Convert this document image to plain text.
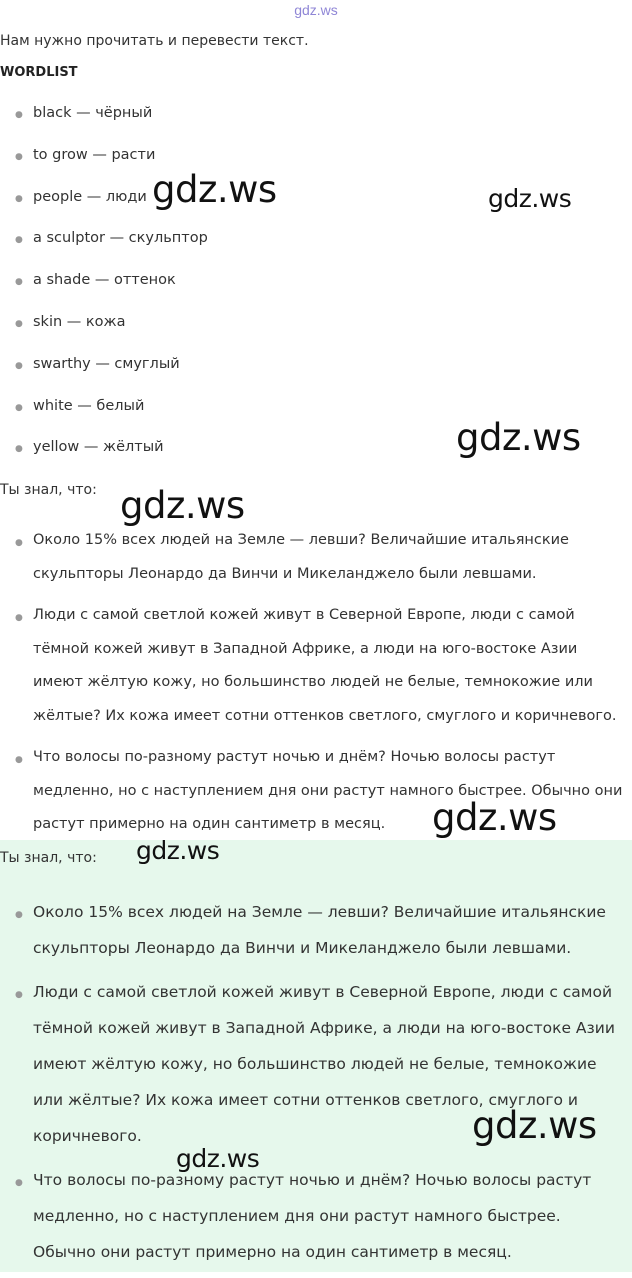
gdz.ws
Нам нужно прочитать и перевести текст.
WORDLIST
● black — чёрный
● to grow — расти
● people — люди
● a sculptor — скульптор
● a shade — оттенок
● skin — кожа
● swarthy — смуглый
● white — белый
● yellow — жёлтый
Ты знал, что:
● Около 15% всех людей на Земле — левши? Величайшие итальянские скульпторы Леонардо да Винчи и Микеланджело были левшами.
● Люди с самой светлой кожей живут в Северной Европе, люди с самой тёмной кожей живут в Западной Африке, а люди на юго-востоке Азии имеют жёлтую кожу, но большинство людей не белые, темнокожие или жёлтые? Их кожа имеет сотни оттенков светлого, смуглого и коричневого.
● Что волосы по-разному растут ночью и днём? Ночью волосы растут медленно, но с наступлением дня они растут намного быстрее. Обычно они растут примерно на один сантиметр в месяц.
Ты знал, что:
● Около 15% всех людей на Земле — левши? Величайшие итальянские скульпторы Леонардо да Винчи и Микеланджело были левшами.
● Люди с самой светлой кожей живут в Северной Европе, люди с самой тёмной кожей живут в Западной Африке, а люди на юго-востоке Азии имеют жёлтую кожу, но большинство людей не белые, темнокожие или жёлтые? Их кожа имеет сотни оттенков светлого, смуглого и коричневого.
● Что волосы по-разному растут ночью и днём? Ночью волосы растут медленно, но с наступлением дня они растут намного быстрее. Обычно они растут примерно на один сантиметр в месяц.
gdz.ws	gdz.ws
gdz.ws
gdz.ws
gdz.ws
gdz.ws
gdz.ws
gdz.ws
